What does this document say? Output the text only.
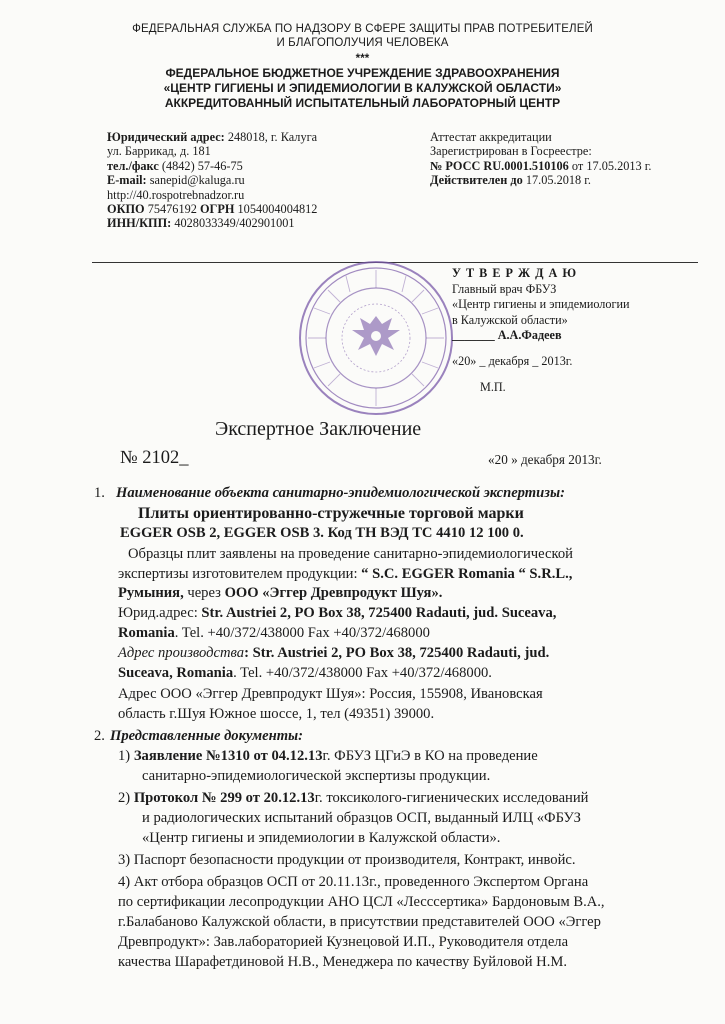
ФЕДЕРАЛЬНАЯ СЛУЖБА ПО НАДЗОРУ В СФЕРЕ ЗАЩИТЫ ПРАВ ПОТРЕБИТЕЛЕЙ
И БЛАГОПОЛУЧИЯ ЧЕЛОВЕКА
***
ФЕДЕРАЛЬНОЕ БЮДЖЕТНОЕ УЧРЕЖДЕНИЕ ЗДРАВООХРАНЕНИЯ
«ЦЕНТР ГИГИЕНЫ И ЭПИДЕМИОЛОГИИ В КАЛУЖСКОЙ ОБЛАСТИ»
АККРЕДИТОВАННЫЙ ИСПЫТАТЕЛЬНЫЙ ЛАБОРАТОРНЫЙ ЦЕНТР
Юридический адрес: 248018, г. Калуга
ул. Баррикад, д. 181
тел./факс (4842) 57-46-75
E-mail: sanepid@kaluga.ru
http://40.rospotrebnadzor.ru
ОКПО 75476192 ОГРН 1054004004812
ИНН/КПП: 4028033349/402901001
Аттестат аккредитации
Зарегистрирован в Госреестре:
№ РОСС RU.0001.510106 от 17.05.2013 г.
Действителен до 17.05.2018 г.
У Т В Е Р Ж Д А Ю
Главный врач ФБУЗ
«Центр гигиены и эпидемиологии
в Калужской области»
_______ А.А.Фадеев
«20» _ декабря _ 2013г.
М.П.
Экспертное Заключение
№ 2102_	«20 » декабря 2013г.
1. Наименование объекта санитарно-эпидемиологической экспертизы:
Плиты ориентированно-стружечные торговой марки
EGGER OSB 2, EGGER OSB 3. Код ТН ВЭД ТС 4410 12 100 0.
Образцы плит заявлены на проведение санитарно-эпидемиологической
экспертизы изготовителем продукции: “ S.C. EGGER Romania “ S.R.L.,
Румыния, через ООО «Эггер Древпродукт Шуя».
Юрид.адрес: Str. Austriei 2, PO Box 38, 725400 Radauti, jud. Suceava,
Romania. Tel. +40/372/438000 Fax +40/372/468000
Адрес производства: Str. Austriei 2, PO Box 38, 725400 Radauti, jud.
Suceava, Romania. Tel. +40/372/438000 Fax +40/372/468000.
Адрес ООО «Эггер Древпродукт Шуя»: Россия, 155908, Ивановская
область г.Шуя Южное шоссе, 1, тел (49351) 39000.
2. Представленные документы:
1) Заявление №1310 от 04.12.13г. ФБУЗ ЦГиЭ в КО на проведение
санитарно-эпидемиологической экспертизы продукции.
2) Протокол № 299 от 20.12.13г. токсиколого-гигиенических исследований
и радиологических испытаний образцов ОСП, выданный ИЛЦ «ФБУЗ
«Центр гигиены и эпидемиологии в Калужской области».
3) Паспорт безопасности продукции от производителя, Контракт, инвойс.
4) Акт отбора образцов ОСП от 20.11.13г., проведенного Экспертом Органа
по сертификации лесопродукции АНО ЦСЛ «Лесссертика» Бардоновым В.А.,
г.Балабаново Калужской области, в присутствии представителей ООО «Эггер
Древпродукт»: Зав.лабораторией Кузнецовой И.П., Руководителя отдела
качества Шарафетдиновой Н.В., Менеджера по качеству Буйловой Н.М.
